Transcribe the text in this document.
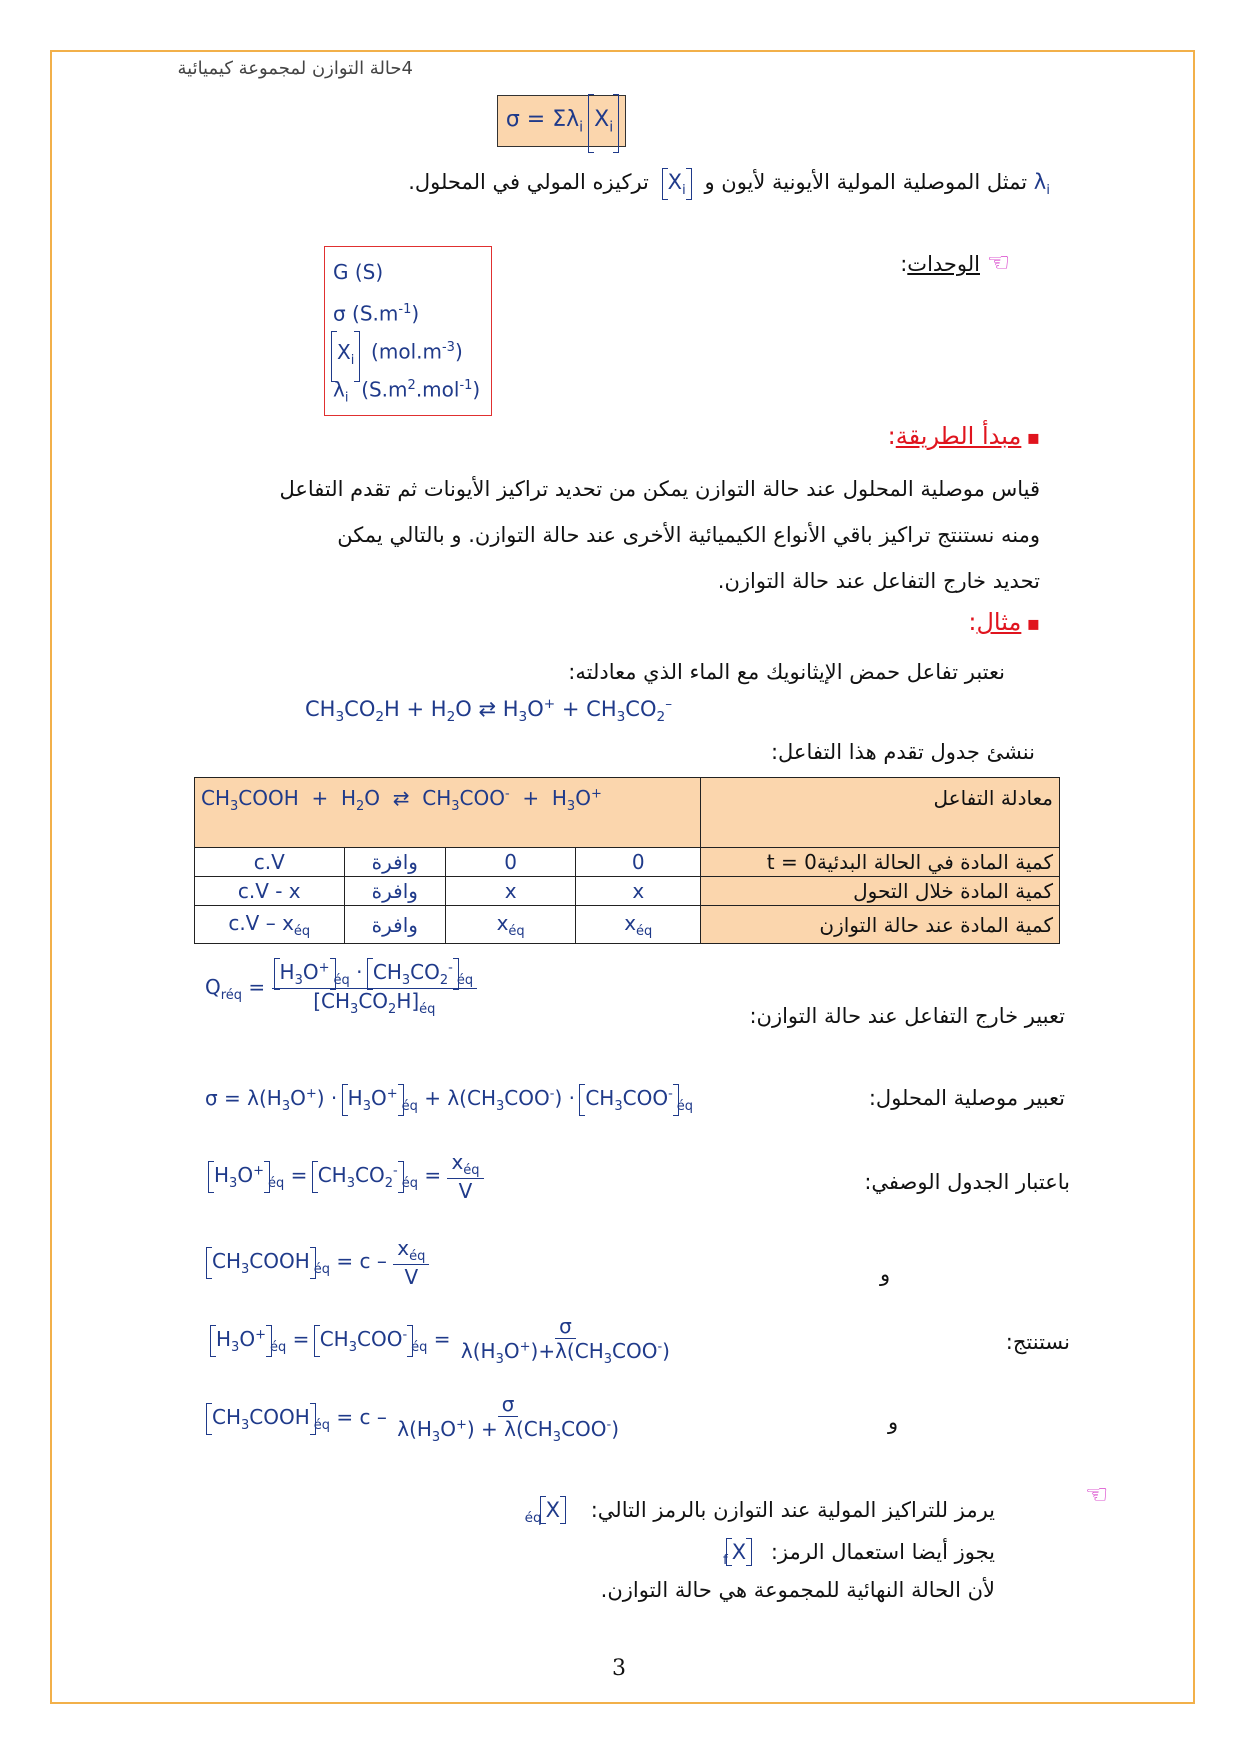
4حالة التوازن لمجموعة كيميائية
$\sigma = \Sigma\lambda_i$ $X_i$
$\lambda_i$ تمثل الموصلية المولية الأيونية لأيون و $X_i$ تركيزه المولي في المحلول.
☜ الوحدات:
G (S)
σ $(S.m^{-1})$
$X_i$ $(mol.m^{-3})$
$\lambda_i$ $(S.m^2.mol^{-1})$
▪ مبدأ الطريقة:
قياس موصلية المحلول عند حالة التوازن يمكن من تحديد تراكيز الأيونات ثم تقدم التفاعل
ومنه نستنتج تراكيز باقي الأنواع الكيميائية الأخرى عند حالة التوازن. و بالتالي يمكن
تحديد خارج التفاعل عند حالة التوازن.
▪ مثال:
نعتبر تفاعل حمض الإيثانويك مع الماء الذي معادلته:
$CH_3CO_2H + H_2O$ ⇄ $H_3O^+ + CH_3CO_2^-$
ننشئ جدول تقدم هذا التفاعل:
$CH_3COOH + H_2O$  ⇄  $CH_3COO^- + H_3O^+$				معادلة التفاعل
c.V	وافرة	0	0	كمية المادة في الحالة البدئية0 = t
c.V - x	وافرة	x	x	كمية المادة خلال التحول
$c.V - x_{éq}$	وافرة	$x_{éq}$	$x_{éq}$	كمية المادة عند حالة التوازن
تعبير خارج التفاعل عند حالة التوازن:
$Q_{réq} = \frac{H_3O^+_{éq} \cdot CH_3CO_2^-_{éq}}{[CH_3CO_2H]_{éq}}$
تعبير موصلية المحلول:
$\sigma = \lambda(H_3O^+) \cdot H_3O^+_{éq} + \lambda(CH_3COO^-) \cdot CH_3COO^-_{éq}$
باعتبار الجدول الوصفي:
$H_3O^+_{éq} = CH_3CO_2^-_{éq} = \frac{x_{éq}}{V}$
و
$CH_3COOH$ $_{éq} = c - \frac{x_{éq}}{V}$
نستنتج:
$H_3O^+_{éq} = CH_3COO^-_{éq} = \frac{\sigma}{\lambda(H_3O^+)+\lambda(CH_3COO^-)}$
و
$CH_3COOH$ $_{éq} = c - \frac{\sigma}{\lambda(H_3O^+) + \lambda(CH_3COO^-)}$
☜
يرمز للتراكيز المولية عند التوازن بالرمز التالي: $X_{éq}$
يجوز أيضا استعمال الرمز: $X_f$
لأن الحالة النهائية للمجموعة هي حالة التوازن.
3
